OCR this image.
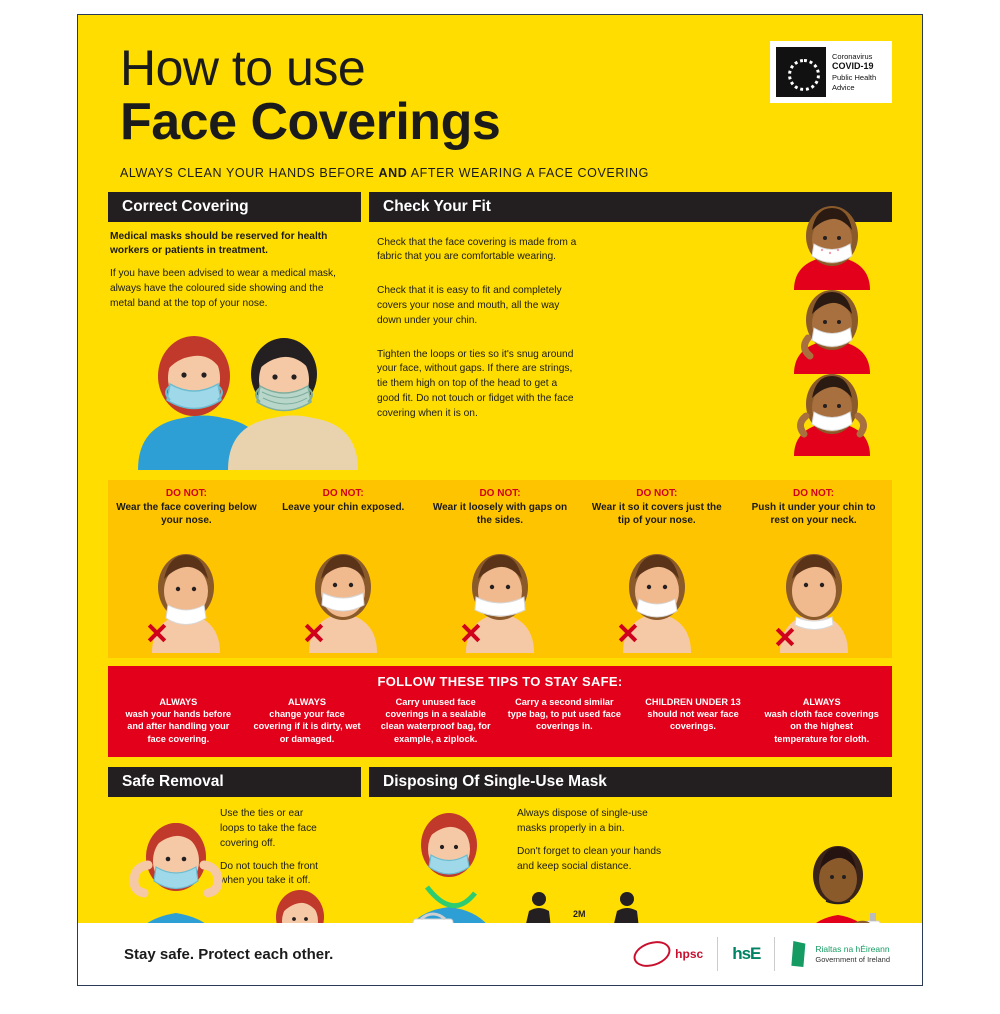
How to use
Face Coverings
ALWAYS CLEAN YOUR HANDS BEFORE AND AFTER WEARING A FACE COVERING
Coronavirus
COVID-19
Public Health
Advice
Correct Covering

Medical masks should be reserved for health workers or patients in treatment.

If you have been advised to wear a medical mask, always have the coloured side showing and the metal band at the top of your nose.

Check Your Fit
Check that the face covering is made from a fabric that you are comfortable wearing.
Check that it is easy to fit and completely covers your nose and mouth, all the way down under your chin.
Tighten the loops or ties so it's snug around your face, without gaps. If there are strings, tie them high on top of the head to get a good fit. Do not touch or fidget with the face covering when it is on.
DO NOT:
Wear the face covering below your nose.
DO NOT:
Leave your chin exposed.
DO NOT:
Wear it loosely with gaps on the sides.
DO NOT:
Wear it so it covers just the tip of your nose.
DO NOT:
Push it under your chin to rest on your neck.
FOLLOW THESE TIPS TO STAY SAFE:
ALWAYS
wash your hands before and after handling your face covering.
ALWAYS
change your face covering if it is dirty, wet or damaged.
Carry unused face coverings in a sealable clean waterproof bag, for example, a ziplock.
Carry a second similar type bag, to put used face coverings in.
CHILDREN UNDER 13
should not wear face coverings.
ALWAYS
wash cloth face coverings on the highest temperature for cloth.
Safe Removal

Use the ties or ear loops to take the face covering off.

Do not touch the front when you take it off.

Disposing Of Single-Use Mask

Always dispose of single-use masks properly in a bin.

Don't forget to clean your hands and keep social distance.

2M
Stay safe. Protect each other.	hpsc hsE	Rialtas na hÉireann
Government of Ireland
